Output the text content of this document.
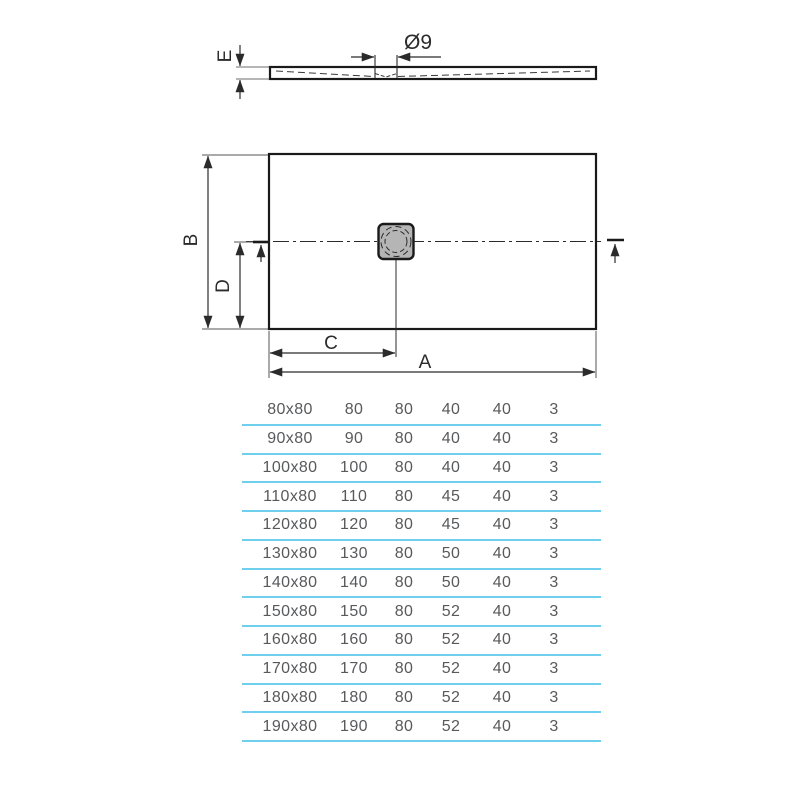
E
Ø9
B
D
C
A
80x80	80	80	40	40	3
90x80	90	80	40	40	3
100x80	100	80	40	40	3
110x80	110	80	45	40	3
120x80	120	80	45	40	3
130x80	130	80	50	40	3
140x80	140	80	50	40	3
150x80	150	80	52	40	3
160x80	160	80	52	40	3
170x80	170	80	52	40	3
180x80	180	80	52	40	3
190x80	190	80	52	40	3
